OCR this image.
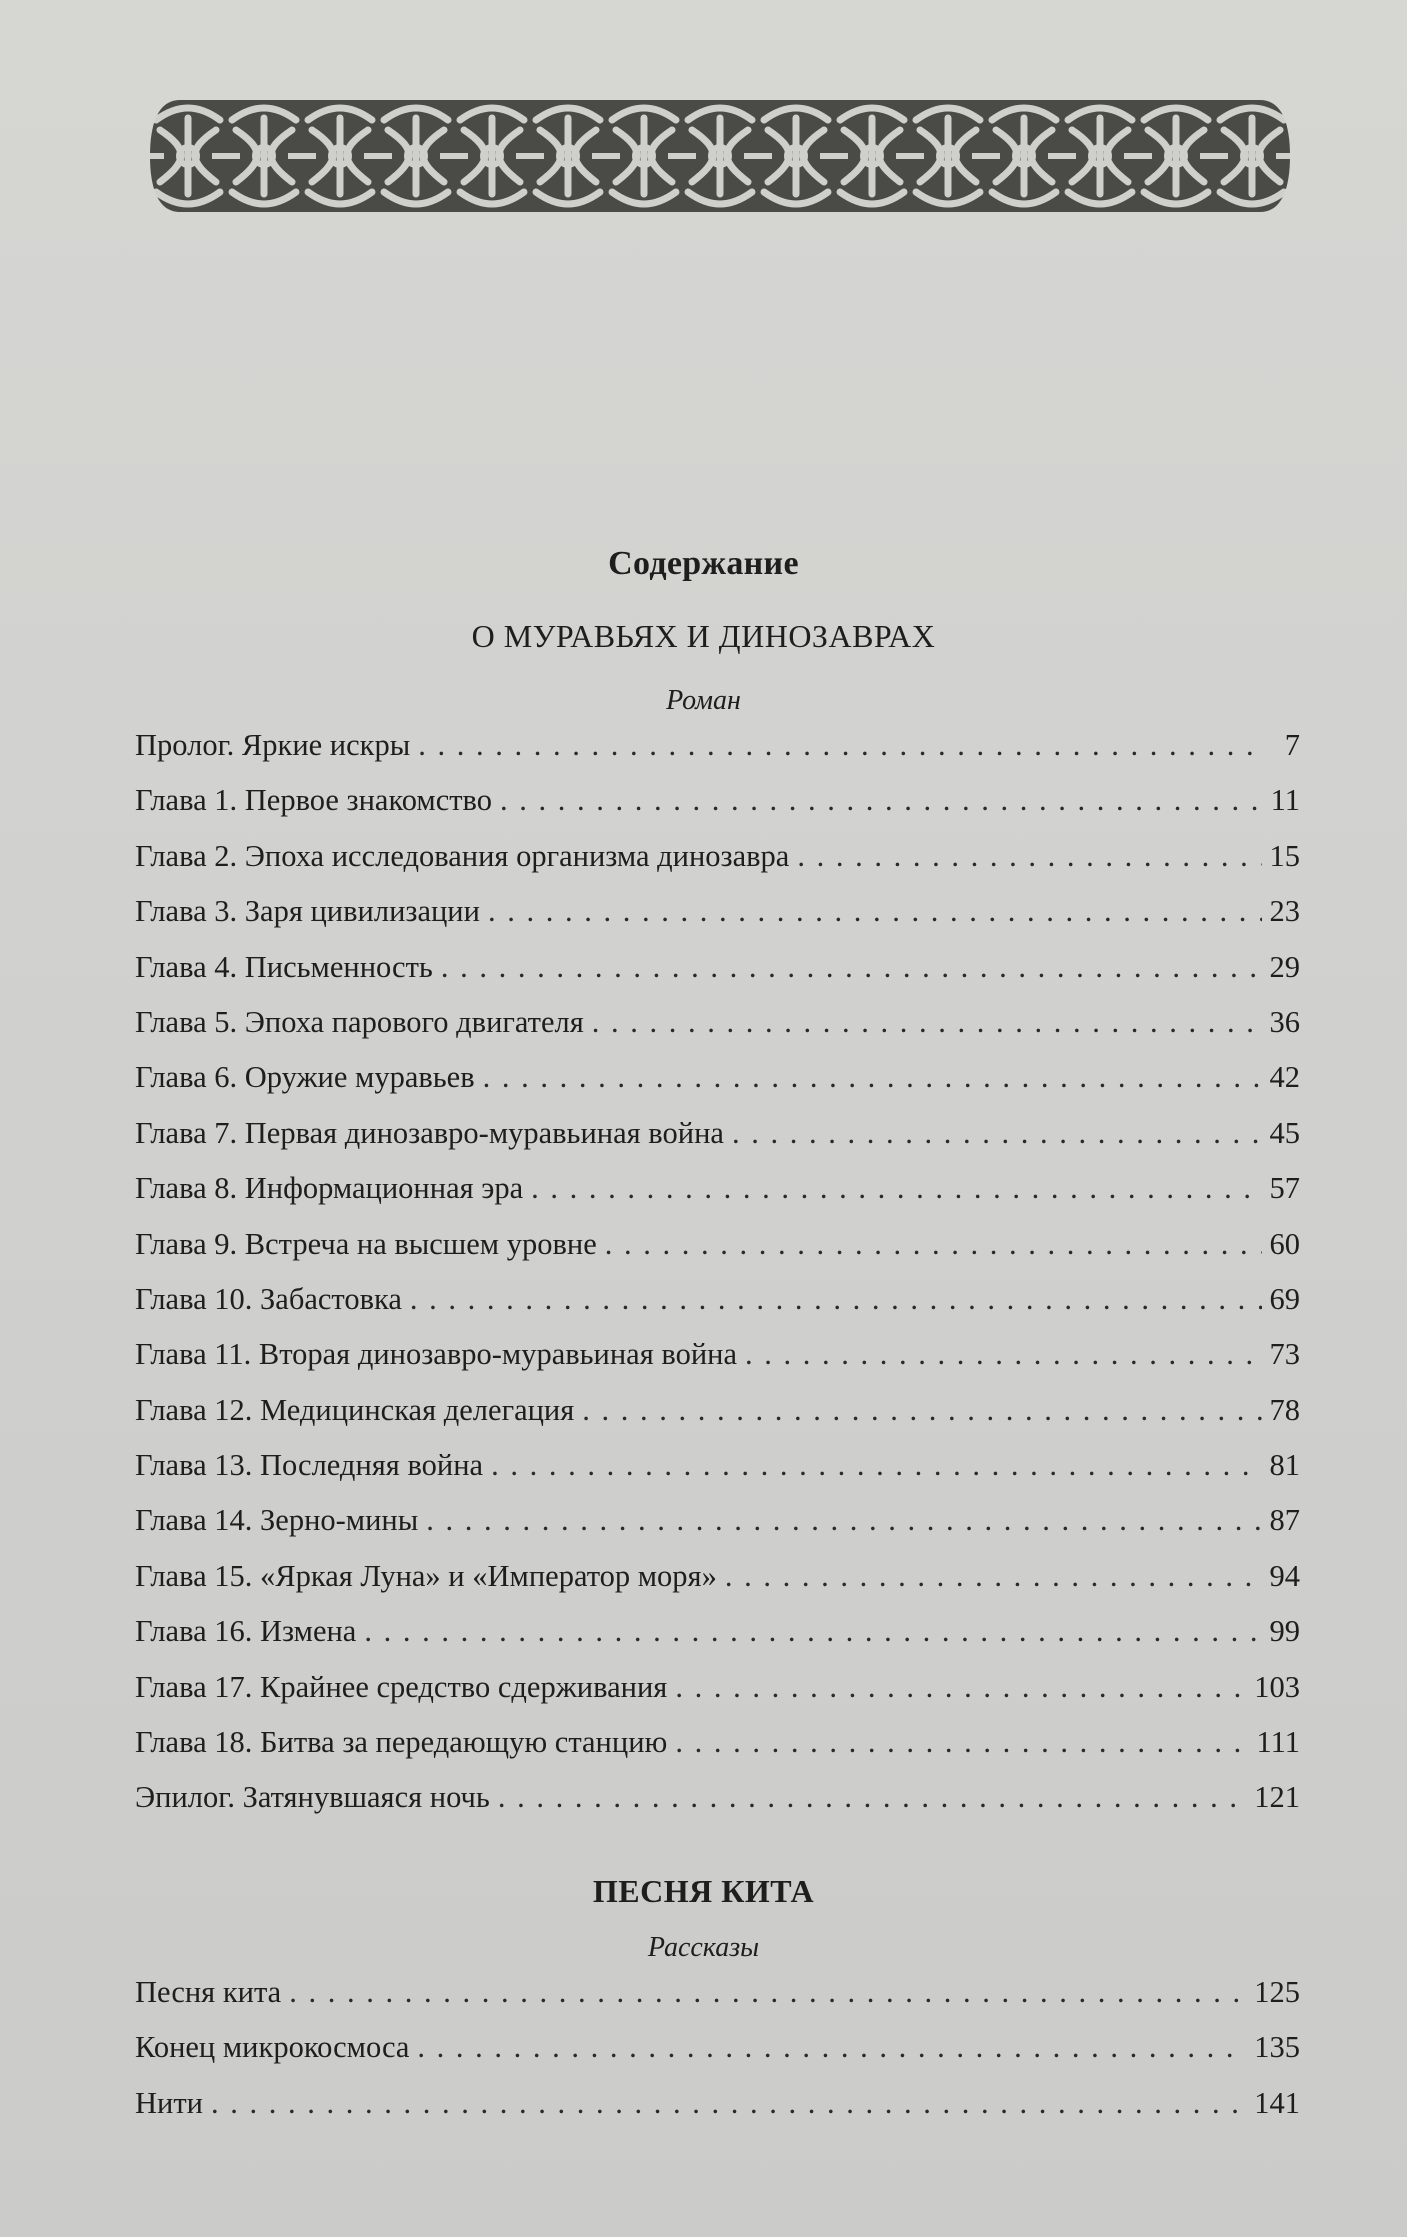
Содержание
О МУРАВЬЯХ И ДИНОЗАВРАХ
Роман
Пролог. Яркие искры . . .	7
Глава 1. Первое знакомство . . .	11
Глава 2. Эпоха исследования организма динозавра . . .	15
Глава 3. Заря цивилизации . . .	23
Глава 4. Письменность . . .	29
Глава 5. Эпоха парового двигателя . . .	36
Глава 6. Оружие муравьев . . .	42
Глава 7. Первая динозавро-муравьиная война . . .	45
Глава 8. Информационная эра . . .	57
Глава 9. Встреча на высшем уровне . . .	60
Глава 10. Забастовка . . .	69
Глава 11. Вторая динозавро-муравьиная война . . .	73
Глава 12. Медицинская делегация . . .	78
Глава 13. Последняя война . . .	81
Глава 14. Зерно-мины . . .	87
Глава 15. «Яркая Луна» и «Император моря» . . .	94
Глава 16. Измена . . .	99
Глава 17. Крайнее средство сдерживания . . .	103
Глава 18. Битва за передающую станцию . . .	111
Эпилог. Затянувшаяся ночь . . .	121
ПЕСНЯ КИТА
Рассказы
Песня кита . . .	125
Конец микрокосмоса . . .	135
Нити . . .	141
